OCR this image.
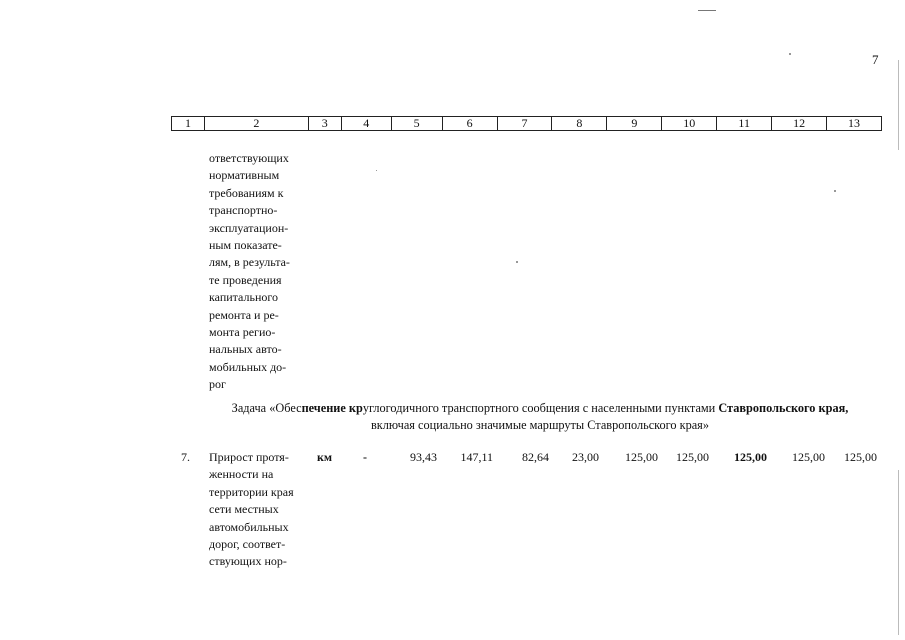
7
1	2	3	4	5	6	7	8	9	10	11	12	13
ответствующих
нормативным
требованиям к
транспортно-
эксплуатацион-
ным показате-
лям, в результа-
те проведения
капитального
ремонта и ре-
монта регио-
нальных авто-
мобильных до-
рог
Задача «Обеспечение круглогодичного транспортного сообщения с населенными пунктами Ставропольского края,
включая социально значимые маршруты Ставропольского края»
7. Прирост протя-
женности на
территории края
сети местных
автомобильных
дорог, соответ-
ствующих нор-
км	-	93,43	147,11	82,64	23,00	125,00	125,00	125,00	125,00	125,00
